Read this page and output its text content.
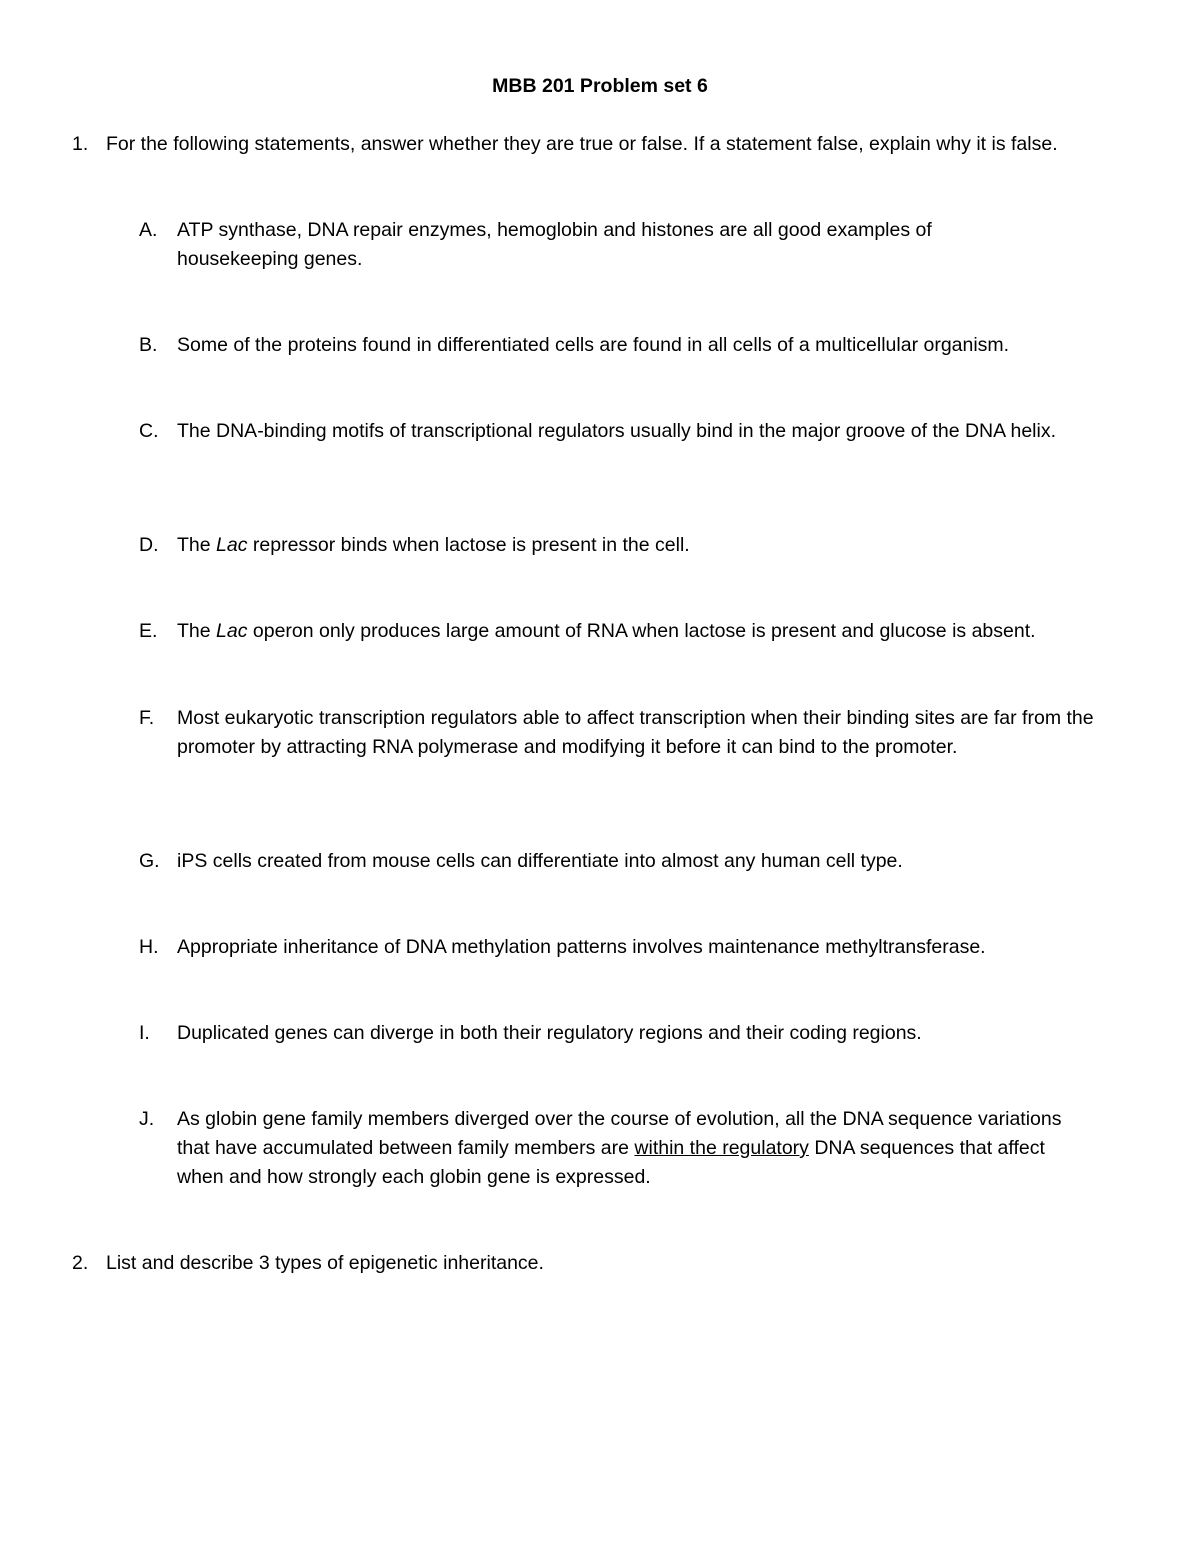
MBB 201 Problem set 6
1. For the following statements, answer whether they are true or false. If a statement false, explain why it is false.
A.	ATP synthase, DNA repair enzymes, hemoglobin and histones are all good examples of housekeeping genes.
B.	Some of the proteins found in differentiated cells are found in all cells of a multicellular organism.
C. The DNA-binding motifs of transcriptional regulators usually bind in the major groove of the DNA helix.
D. The Lac repressor binds when lactose is present in the cell.
E.	The Lac operon only produces large amount of RNA when lactose is present and glucose is absent.
F.	Most eukaryotic transcription regulators able to affect transcription when their binding sites are far from the promoter by attracting RNA polymerase and modifying it before it can bind to the promoter.
G. iPS cells created from mouse cells can differentiate into almost any human cell type.
H. Appropriate inheritance of DNA methylation patterns involves maintenance methyltransferase.
I.	Duplicated genes can diverge in both their regulatory regions and their coding regions.
J.	As globin gene family members diverged over the course of evolution, all the DNA sequence variations that have accumulated between family members are within the regulatory DNA sequences that affect when and how strongly each globin gene is expressed.
2. List and describe 3 types of epigenetic inheritance.
